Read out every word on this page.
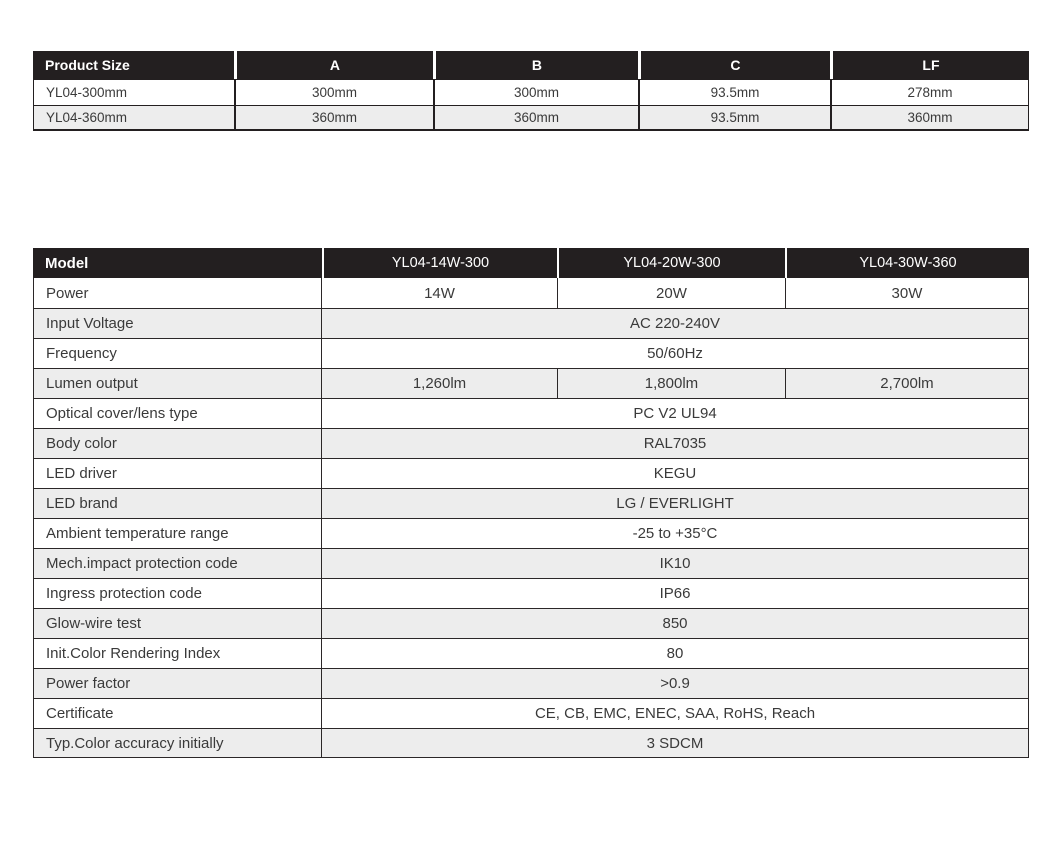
Product Size	A	B	C	LF
YL04-300mm	300mm	300mm	93.5mm	278mm
YL04-360mm	360mm	360mm	93.5mm	360mm
Model	YL04-14W-300	YL04-20W-300	YL04-30W-360
Power	14W	20W	30W
Input Voltage	AC 220-240V
Frequency	50/60Hz
Lumen output	1,260lm	1,800lm	2,700lm
Optical cover/lens type	PC V2 UL94
Body color	RAL7035
LED driver	KEGU
LED brand	LG / EVERLIGHT
Ambient temperature range	-25 to +35°C
Mech.impact protection code	IK10
Ingress protection code	IP66
Glow-wire test	850
Init.Color Rendering Index	80
Power factor	>0.9
Certificate	CE, CB, EMC, ENEC, SAA, RoHS, Reach
Typ.Color accuracy initially	3 SDCM
